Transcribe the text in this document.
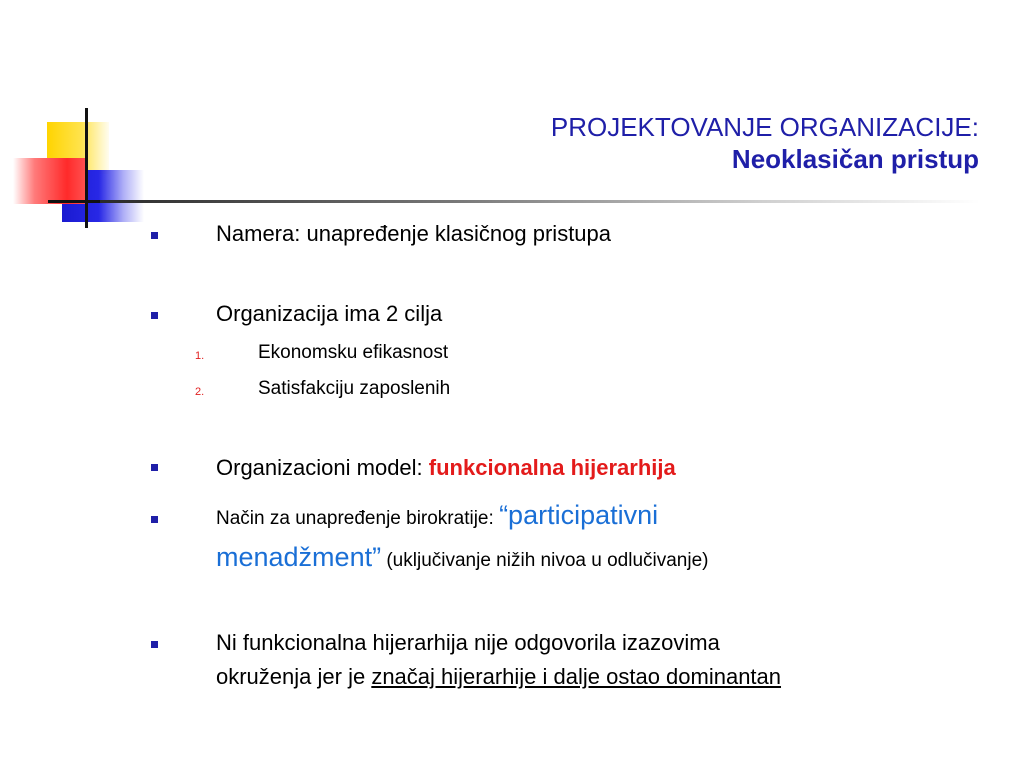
PROJEKTOVANJE ORGANIZACIJE:
Neoklasičan pristup
Namera: unapređenje klasičnog pristupa
Organizacija ima 2 cilja
1.	Ekonomsku efikasnost
2.	Satisfakciju zaposlenih
Organizacioni model: funkcionalna hijerarhija
Način za unapređenje birokratije: “participativni
menadžment” (uključivanje nižih nivoa u odlučivanje)
Ni funkcionalna hijerarhija nije odgovorila izazovima
okruženja jer je značaj hijerarhije i dalje ostao dominantan
